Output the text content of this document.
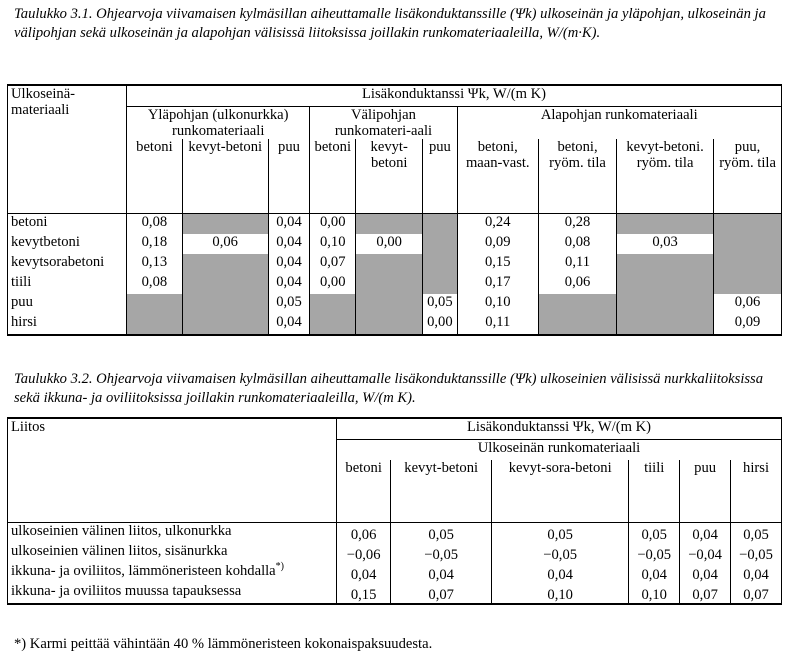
Taulukko 3.1. Ohjearvoja viivamaisen kylmäsillan aiheuttamalle lisäkonduktanssille (Ψk) ulkoseinän ja yläpohjan, ulkoseinän ja välipohjan sekä ulkoseinän ja alapohjan välisissä liitoksissa joillakin runkomateriaaleilla, W/(m·K).
Ulkoseinä-materiaali	Lisäkonduktanssi Ψk, W/(m K)									
	Yläpohjan (ulkonurkka) runkomateriaali			Välipohjan runkomateri-aali			Alapohjan runkomateriaali			
	betoni	kevyt-betoni	puu	betoni	kevyt-betoni	puu	betoni, maan-vast.	betoni, ryöm. tila	kevyt-betoni. ryöm. tila	puu, ryöm. tila
betoni	0,08		0,04	0,00			0,24	0,28		
kevytbetoni	0,18	0,06	0,04	0,10	0,00		0,09	0,08	0,03	
kevytsorabetoni	0,13		0,04	0,07			0,15	0,11		
tiili	0,08		0,04	0,00			0,17	0,06		
puu			0,05			0,05	0,10			0,06
hirsi			0,04			0,00	0,11			0,09
Taulukko 3.2. Ohjearvoja viivamaisen kylmäsillan aiheuttamalle lisäkonduktanssille (Ψk) ulkoseinien välisissä nurkkaliitoksissa sekä ikkuna- ja oviliitoksissa joillakin runkomateriaaleilla, W/(m K).
Liitos	Lisäkonduktanssi Ψk, W/(m K)					
	Ulkoseinän runkomateriaali					
	betoni	kevyt-betoni	kevyt-sora-betoni	tiili	puu	hirsi
ulkoseinien välinen liitos, ulkonurkka	0,06	0,05	0,05	0,05	0,04	0,05
ulkoseinien välinen liitos, sisänurkka	−0,06	−0,05	−0,05	−0,05	−0,04	−0,05
ikkuna- ja oviliitos, lämmöneristeen kohdalla*)	0,04	0,04	0,04	0,04	0,04	0,04
ikkuna- ja oviliitos muussa tapauksessa	0,15	0,07	0,10	0,10	0,07	0,07
*) Karmi peittää vähintään 40 % lämmöneristeen kokonaispaksuudesta.
